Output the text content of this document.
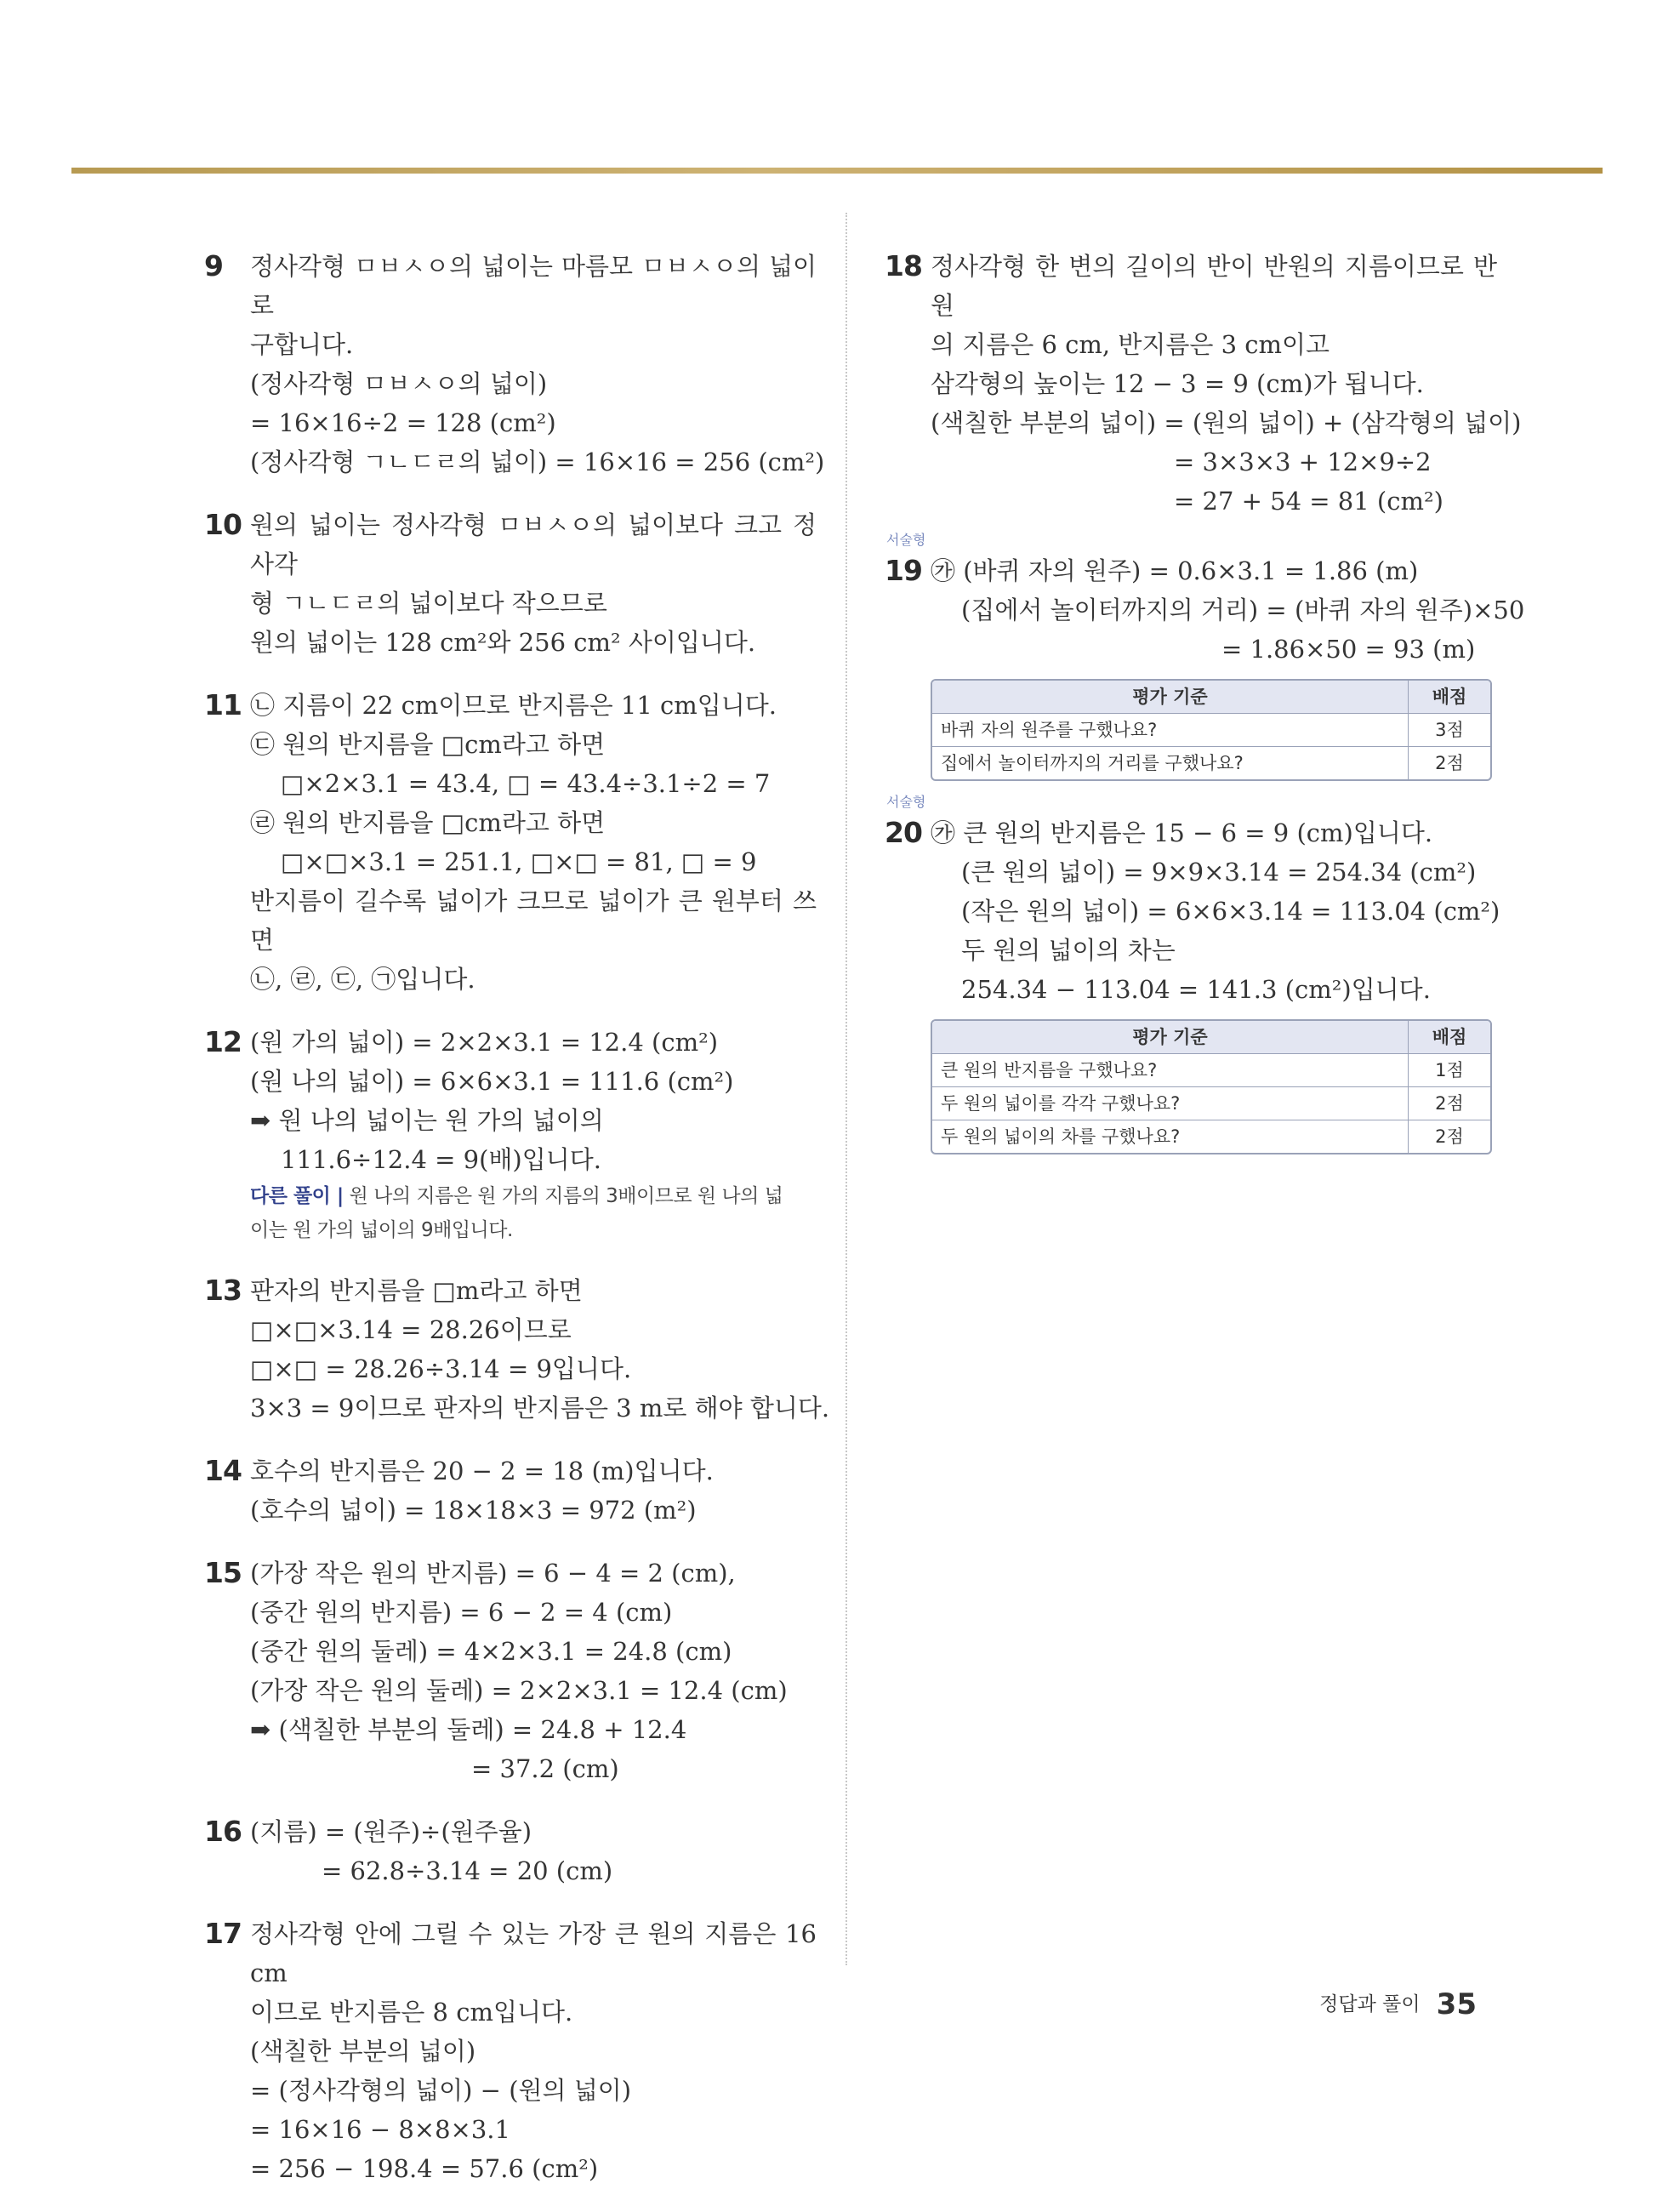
9 정사각형 ㅁㅂㅅㅇ의 넓이는 마름모 ㅁㅂㅅㅇ의 넓이로
구합니다.
(정사각형 ㅁㅂㅅㅇ의 넓이)
= 16×16÷2 = 128 (cm²)
(정사각형 ㄱㄴㄷㄹ의 넓이) = 16×16 = 256 (cm²)
10 원의 넓이는 정사각형 ㅁㅂㅅㅇ의 넓이보다 크고 정사각
형 ㄱㄴㄷㄹ의 넓이보다 작으므로
원의 넓이는 128 cm²와 256 cm² 사이입니다.
11 ㉡ 지름이 22 cm이므로 반지름은 11 cm입니다.
㉢ 원의 반지름을 □cm라고 하면
□×2×3.1 = 43.4, □ = 43.4÷3.1÷2 = 7
㉣ 원의 반지름을 □cm라고 하면
□×□×3.1 = 251.1, □×□ = 81, □ = 9
반지름이 길수록 넓이가 크므로 넓이가 큰 원부터 쓰면
㉡, ㉣, ㉢, ㉠입니다.
12 (원 가의 넓이) = 2×2×3.1 = 12.4 (cm²)
(원 나의 넓이) = 6×6×3.1 = 111.6 (cm²)
➡ 원 나의 넓이는 원 가의 넓이의
111.6÷12.4 = 9(배)입니다.
다른 풀이 | 원 나의 지름은 원 가의 지름의 3배이므로 원 나의 넓
이는 원 가의 넓이의 9배입니다.
13 판자의 반지름을 □m라고 하면
□×□×3.14 = 28.26이므로
□×□ = 28.26÷3.14 = 9입니다.
3×3 = 9이므로 판자의 반지름은 3 m로 해야 합니다.
14 호수의 반지름은 20 − 2 = 18 (m)입니다.
(호수의 넓이) = 18×18×3 = 972 (m²)
15 (가장 작은 원의 반지름) = 6 − 4 = 2 (cm),
(중간 원의 반지름) = 6 − 2 = 4 (cm)
(중간 원의 둘레) = 4×2×3.1 = 24.8 (cm)
(가장 작은 원의 둘레) = 2×2×3.1 = 12.4 (cm)
➡ (색칠한 부분의 둘레) = 24.8 + 12.4
= 37.2 (cm)
16 (지름) = (원주)÷(원주율)
= 62.8÷3.14 = 20 (cm)
17 정사각형 안에 그릴 수 있는 가장 큰 원의 지름은 16 cm
이므로 반지름은 8 cm입니다.
(색칠한 부분의 넓이)
= (정사각형의 넓이) − (원의 넓이)
= 16×16 − 8×8×3.1
= 256 − 198.4 = 57.6 (cm²)
18 정사각형 한 변의 길이의 반이 반원의 지름이므로 반원
의 지름은 6 cm, 반지름은 3 cm이고
삼각형의 높이는 12 − 3 = 9 (cm)가 됩니다.
(색칠한 부분의 넓이) = (원의 넓이) + (삼각형의 넓이)
= 3×3×3 + 12×9÷2
= 27 + 54 = 81 (cm²)
서술형
19 ㉮ (바퀴 자의 원주) = 0.6×3.1 = 1.86 (m)
(집에서 놀이터까지의 거리) = (바퀴 자의 원주)×50
= 1.86×50 = 93 (m)
평가 기준	배점
바퀴 자의 원주를 구했나요?	3점
집에서 놀이터까지의 거리를 구했나요?	2점
서술형
20 ㉮ 큰 원의 반지름은 15 − 6 = 9 (cm)입니다.
(큰 원의 넓이) = 9×9×3.14 = 254.34 (cm²)
(작은 원의 넓이) = 6×6×3.14 = 113.04 (cm²)
두 원의 넓이의 차는
254.34 − 113.04 = 141.3 (cm²)입니다.
평가 기준	배점
큰 원의 반지름을 구했나요?	1점
두 원의 넓이를 각각 구했나요?	2점
두 원의 넓이의 차를 구했나요?	2점
정답과 풀이 35
